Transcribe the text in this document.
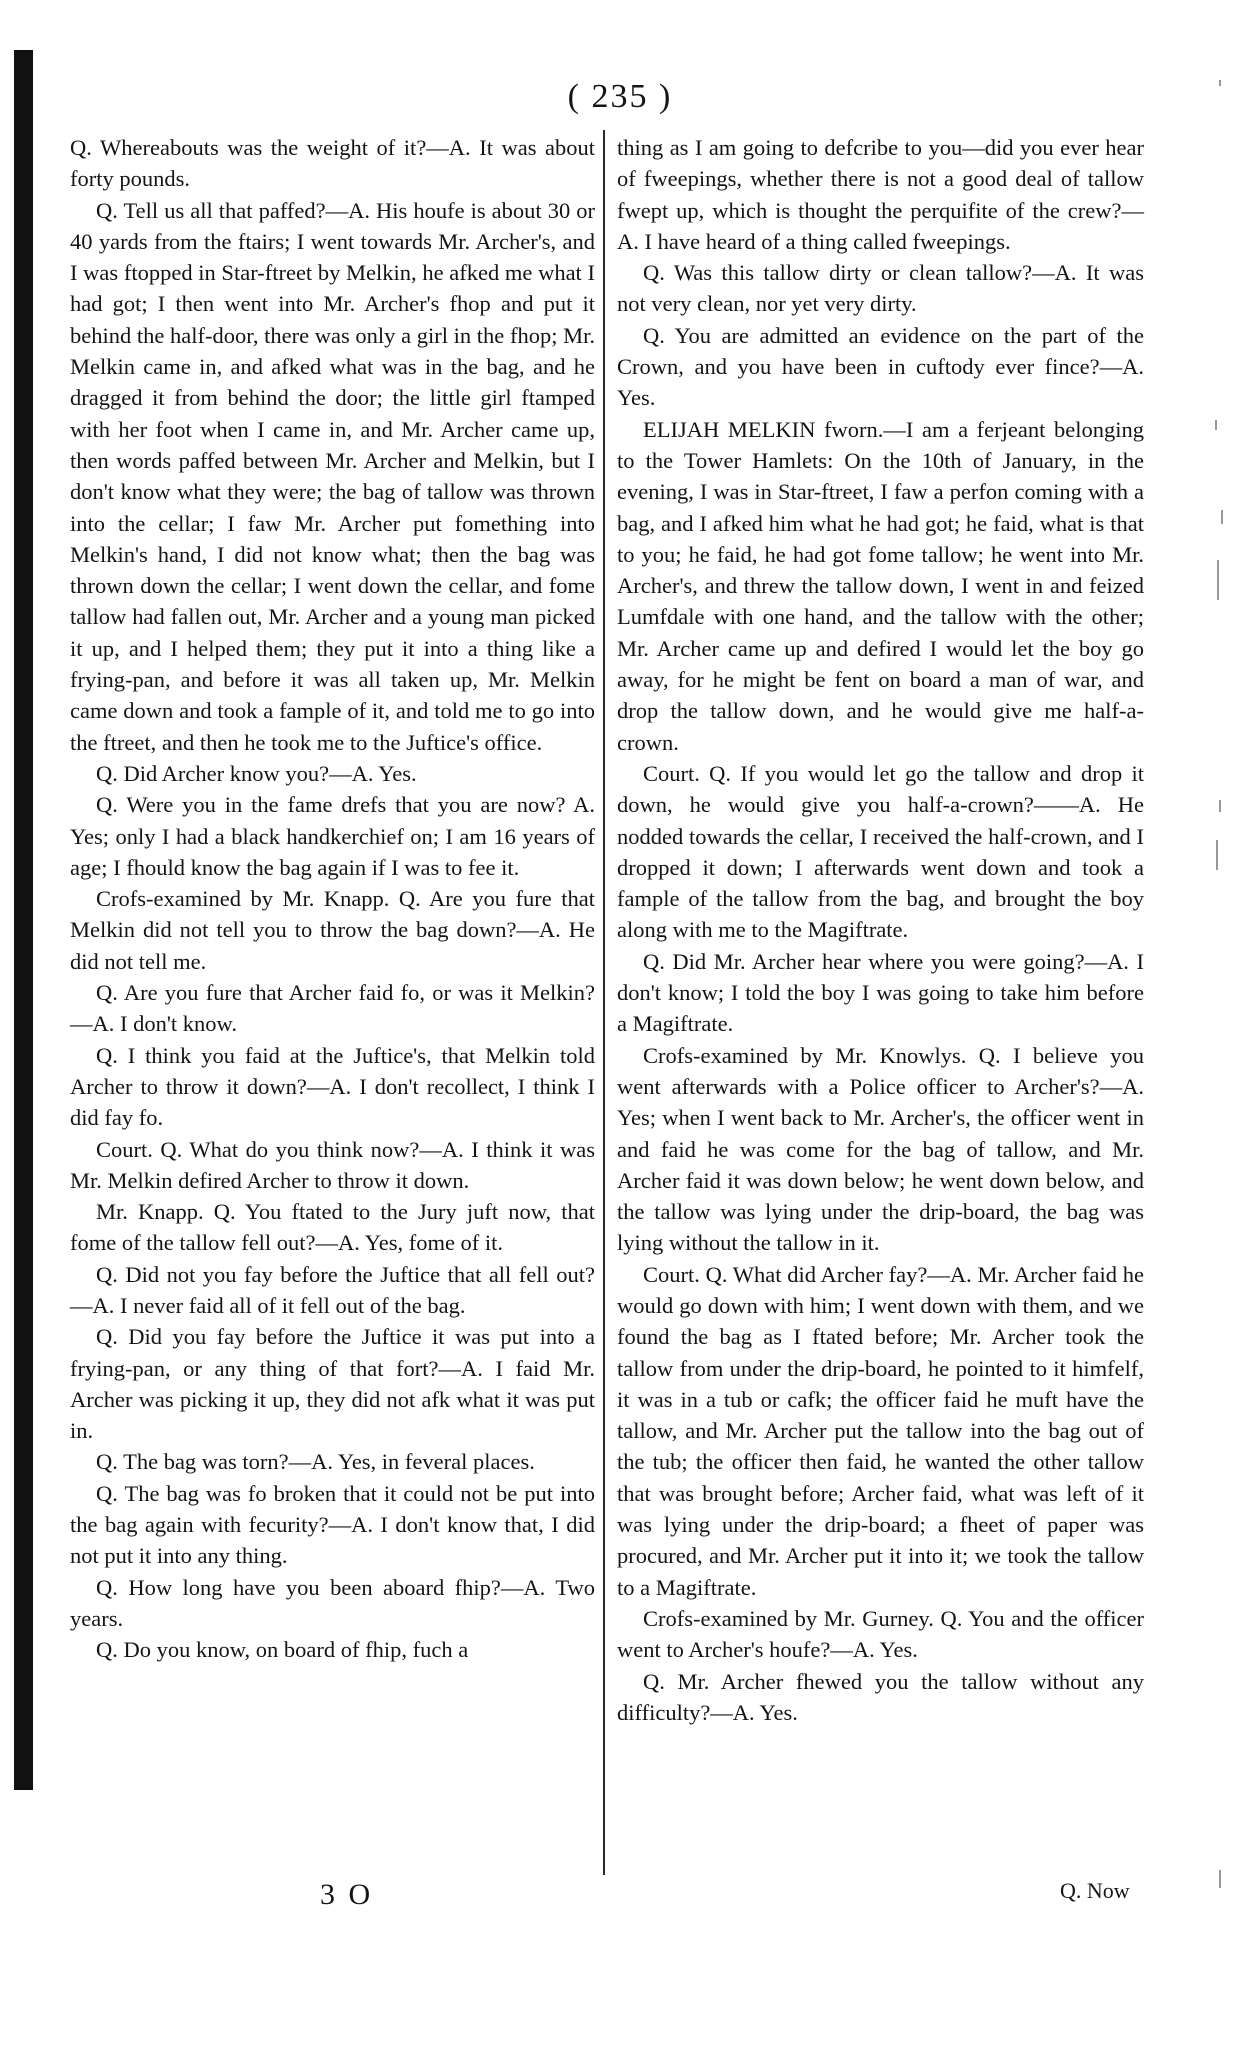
( 235 )

Q. Whereabouts was the weight of it?—A. It was about forty pounds.

Q. Tell us all that paffed?—A. His houfe is about 30 or 40 yards from the ftairs; I went towards Mr. Archer's, and I was ftopped in Star-ftreet by Melkin, he afked me what I had got; I then went into Mr. Archer's fhop and put it behind the half-door, there was only a girl in the fhop; Mr. Melkin came in, and afked what was in the bag, and he dragged it from behind the door; the little girl ftamped with her foot when I came in, and Mr. Archer came up, then words paffed between Mr. Archer and Melkin, but I don't know what they were; the bag of tallow was thrown into the cellar; I faw Mr. Archer put fomething into Melkin's hand, I did not know what; then the bag was thrown down the cellar; I went down the cellar, and fome tallow had fallen out, Mr. Archer and a young man picked it up, and I helped them; they put it into a thing like a frying-pan, and before it was all taken up, Mr. Melkin came down and took a fample of it, and told me to go into the ftreet, and then he took me to the Juftice's office.

Q. Did Archer know you?—A. Yes.

Q. Were you in the fame drefs that you are now? A. Yes; only I had a black handkerchief on; I am 16 years of age; I fhould know the bag again if I was to fee it.

Crofs-examined by Mr. Knapp. Q. Are you fure that Melkin did not tell you to throw the bag down?—A. He did not tell me.

Q. Are you fure that Archer faid fo, or was it Melkin?—A. I don't know.

Q. I think you faid at the Juftice's, that Melkin told Archer to throw it down?—A. I don't recollect, I think I did fay fo.

Court. Q. What do you think now?—A. I think it was Mr. Melkin defired Archer to throw it down.

Mr. Knapp. Q. You ftated to the Jury juft now, that fome of the tallow fell out?—A. Yes, fome of it.

Q. Did not you fay before the Juftice that all fell out?—A. I never faid all of it fell out of the bag.

Q. Did you fay before the Juftice it was put into a frying-pan, or any thing of that fort?—A. I faid Mr. Archer was picking it up, they did not afk what it was put in.

Q. The bag was torn?—A. Yes, in feveral places.

Q. The bag was fo broken that it could not be put into the bag again with fecurity?—A. I don't know that, I did not put it into any thing.

Q. How long have you been aboard fhip?—A. Two years.

Q. Do you know, on board of fhip, fuch a

thing as I am going to defcribe to you—did you ever hear of fweepings, whether there is not a good deal of tallow fwept up, which is thought the perquifite of the crew?—A. I have heard of a thing called fweepings.

Q. Was this tallow dirty or clean tallow?—A. It was not very clean, nor yet very dirty.

Q. You are admitted an evidence on the part of the Crown, and you have been in cuftody ever fince?—A. Yes.

ELIJAH MELKIN fworn.—I am a ferjeant belonging to the Tower Hamlets: On the 10th of January, in the evening, I was in Star-ftreet, I faw a perfon coming with a bag, and I afked him what he had got; he faid, what is that to you; he faid, he had got fome tallow; he went into Mr. Archer's, and threw the tallow down, I went in and feized Lumfdale with one hand, and the tallow with the other; Mr. Archer came up and defired I would let the boy go away, for he might be fent on board a man of war, and drop the tallow down, and he would give me half-a-crown.

Court. Q. If you would let go the tallow and drop it down, he would give you half-a-crown?——A. He nodded towards the cellar, I received the half-crown, and I dropped it down; I afterwards went down and took a fample of the tallow from the bag, and brought the boy along with me to the Magiftrate.

Q. Did Mr. Archer hear where you were going?—A. I don't know; I told the boy I was going to take him before a Magiftrate.

Crofs-examined by Mr. Knowlys. Q. I believe you went afterwards with a Police officer to Archer's?—A. Yes; when I went back to Mr. Archer's, the officer went in and faid he was come for the bag of tallow, and Mr. Archer faid it was down below; he went down below, and the tallow was lying under the drip-board, the bag was lying without the tallow in it.

Court. Q. What did Archer fay?—A. Mr. Archer faid he would go down with him; I went down with them, and we found the bag as I ftated before; Mr. Archer took the tallow from under the drip-board, he pointed to it himfelf, it was in a tub or cafk; the officer faid he muft have the tallow, and Mr. Archer put the tallow into the bag out of the tub; the officer then faid, he wanted the other tallow that was brought before; Archer faid, what was left of it was lying under the drip-board; a fheet of paper was procured, and Mr. Archer put it into it; we took the tallow to a Magiftrate.

Crofs-examined by Mr. Gurney. Q. You and the officer went to Archer's houfe?—A. Yes.

Q. Mr. Archer fhewed you the tallow without any difficulty?—A. Yes.

3 O	Q. Now
